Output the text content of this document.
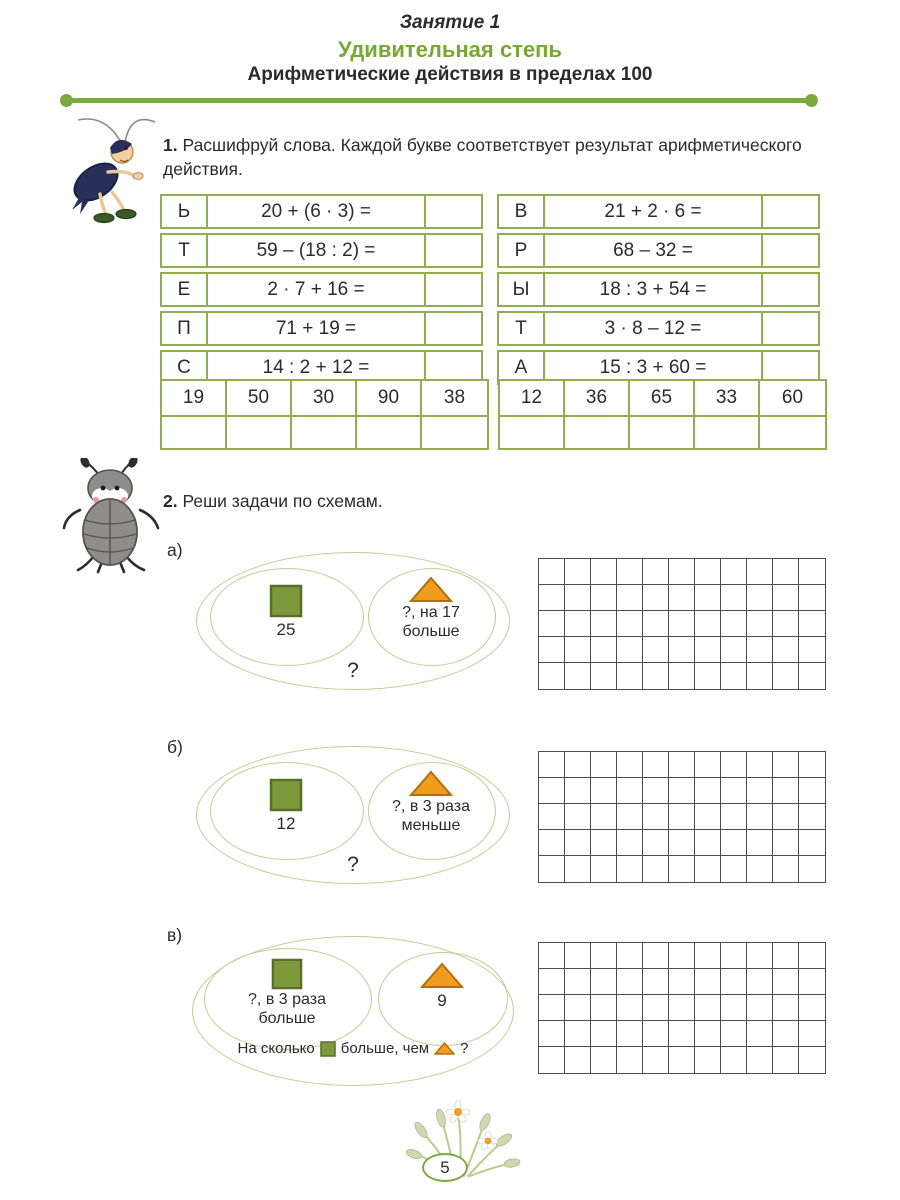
Занятие 1
Удивительная степь
Арифметические действия в пределах 100
1. Расшифруй слова. Каждой букве соответствует результат арифметического действия.
Ь	20 + (6 · 3) =
Т	59 – (18 : 2) =
Е	2 · 7 + 16 =
П	71 + 19 =
С	14 : 2 + 12 =
В	21 + 2 · 6 =
Р	68 – 32 =
Ы	18 : 3 + 54 =
Т	3 · 8 – 12 =
А	15 : 3 + 60 =
19	50	30	90	38	12	36	65	33	60
2. Реши задачи по схемам.
а)
б)
в)
25
?, на 17
больше
?
12
?, в 3 раза
меньше
?
?, в 3 раза
больше
9
На сколько больше, чем ?
5
